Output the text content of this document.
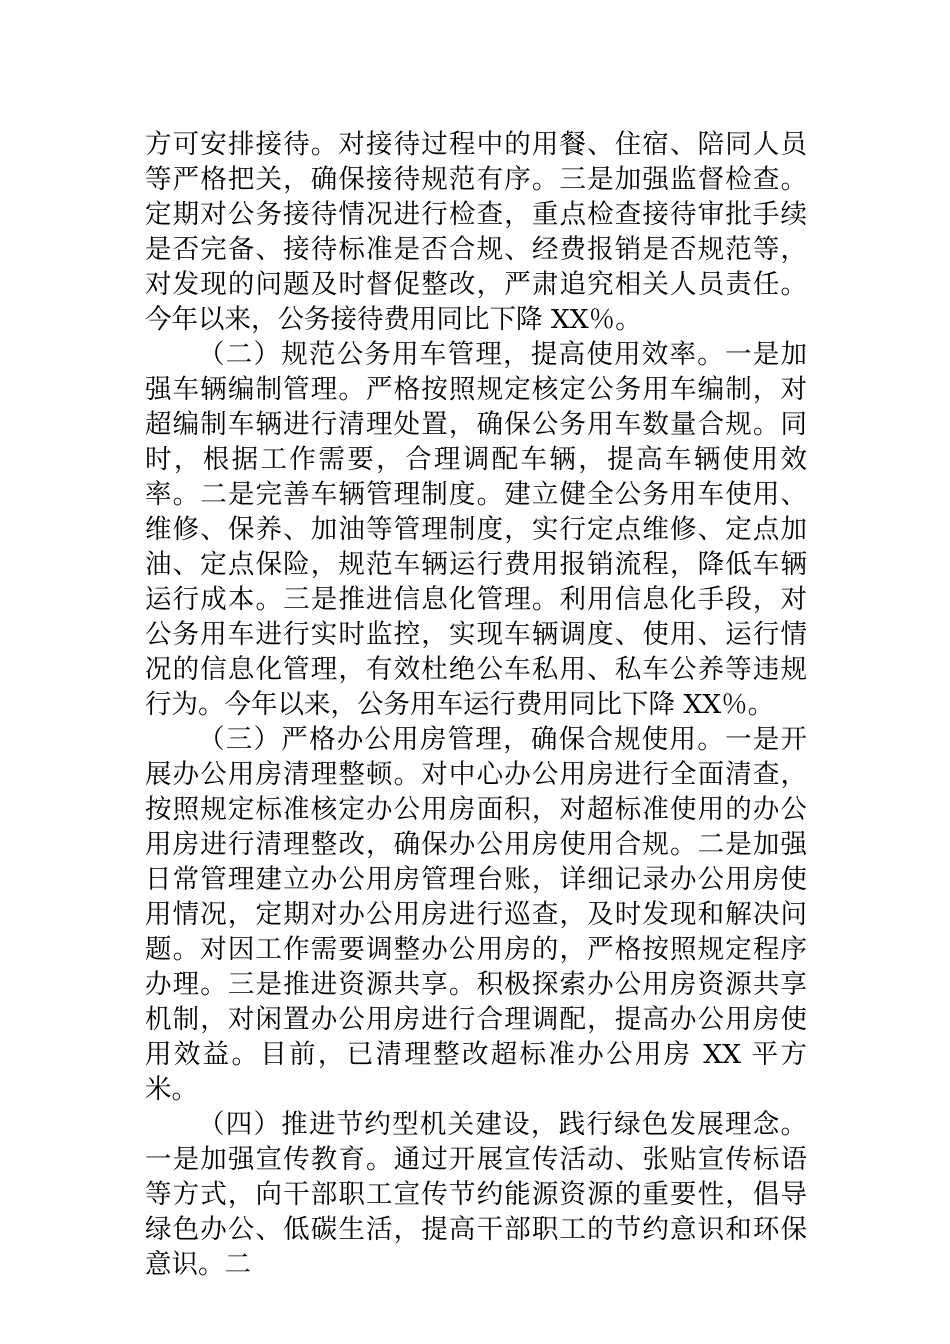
方可安排接待。对接待过程中的用餐、住宿、陪同人员等严格把关，确保接待规范有序。三是加强监督检查。定期对公务接待情况进行检查，重点检查接待审批手续是否完备、接待标准是否合规、经费报销是否规范等，对发现的问题及时督促整改，严肃追究相关人员责任。今年以来，公务接待费用同比下降 XX％。

（二）规范公务用车管理，提高使用效率。一是加强车辆编制管理。严格按照规定核定公务用车编制，对超编制车辆进行清理处置，确保公务用车数量合规。同时，根据工作需要，合理调配车辆，提高车辆使用效率。二是完善车辆管理制度。建立健全公务用车使用、维修、保养、加油等管理制度，实行定点维修、定点加油、定点保险，规范车辆运行费用报销流程，降低车辆运行成本。三是推进信息化管理。利用信息化手段，对公务用车进行实时监控，实现车辆调度、使用、运行情况的信息化管理，有效杜绝公车私用、私车公养等违规行为。今年以来，公务用车运行费用同比下降 XX％。

（三）严格办公用房管理，确保合规使用。一是开展办公用房清理整顿。对中心办公用房进行全面清查，按照规定标准核定办公用房面积，对超标准使用的办公用房进行清理整改，确保办公用房使用合规。二是加强日常管理建立办公用房管理台账，详细记录办公用房使用情况，定期对办公用房进行巡查，及时发现和解决问题。对因工作需要调整办公用房的，严格按照规定程序办理。三是推进资源共享。积极探索办公用房资源共享机制，对闲置办公用房进行合理调配，提高办公用房使用效益。目前，已清理整改超标准办公用房 XX 平方米。

（四）推进节约型机关建设，践行绿色发展理念。一是加强宣传教育。通过开展宣传活动、张贴宣传标语等方式，向干部职工宣传节约能源资源的重要性，倡导绿色办公、低碳生活，提高干部职工的节约意识和环保意识。二
